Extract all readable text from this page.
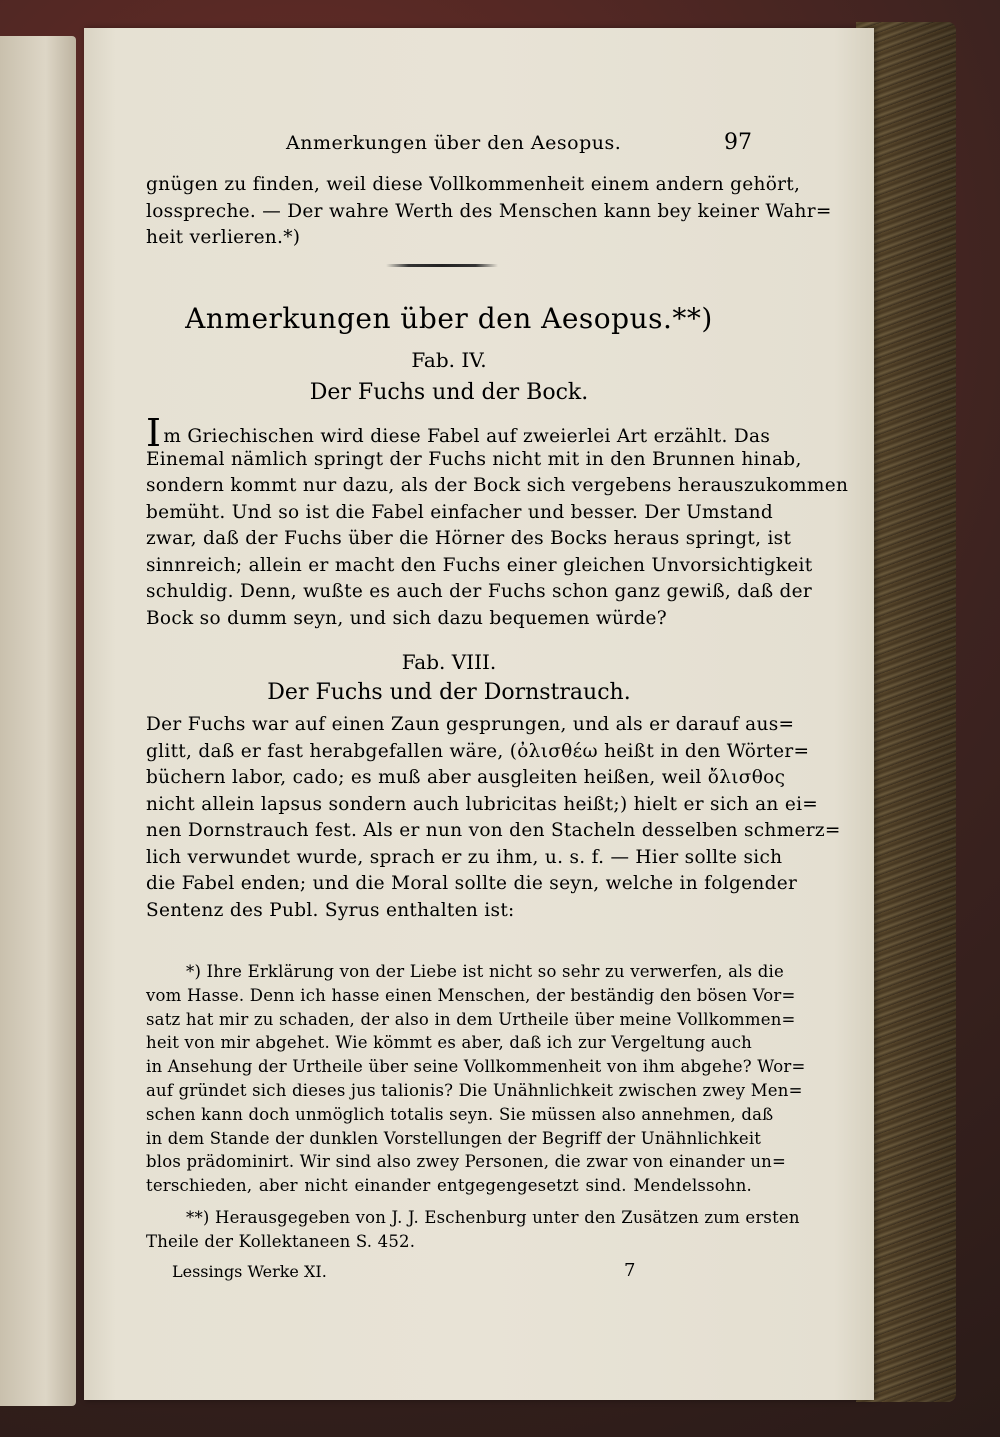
Anmerkungen über den Aesopus.	97
gnügen zu finden, weil diese Vollkommenheit einem andern gehört,
losspreche. — Der wahre Werth des Menschen kann bey keiner Wahr=
heit verlieren.*)
Anmerkungen über den Aesopus.**)
Fab. IV.
Der Fuchs und der Bock.
Im Griechischen wird diese Fabel auf zweierlei Art erzählt. Das
Einemal nämlich springt der Fuchs nicht mit in den Brunnen hinab,
sondern kommt nur dazu, als der Bock sich vergebens herauszukommen
bemüht. Und so ist die Fabel einfacher und besser. Der Umstand
zwar, daß der Fuchs über die Hörner des Bocks heraus springt, ist
sinnreich; allein er macht den Fuchs einer gleichen Unvorsichtigkeit
schuldig. Denn, wußte es auch der Fuchs schon ganz gewiß, daß der
Bock so dumm seyn, und sich dazu bequemen würde?
Fab. VIII.
Der Fuchs und der Dornstrauch.
Der Fuchs war auf einen Zaun gesprungen, und als er darauf aus=
glitt, daß er fast herabgefallen wäre, (ὀλισθέω heißt in den Wörter=
büchern labor, cado; es muß aber ausgleiten heißen, weil ὄλισθος
nicht allein lapsus sondern auch lubricitas heißt;) hielt er sich an ei=
nen Dornstrauch fest. Als er nun von den Stacheln desselben schmerz=
lich verwundet wurde, sprach er zu ihm, u. s. f. — Hier sollte sich
die Fabel enden; und die Moral sollte die seyn, welche in folgender
Sentenz des Publ. Syrus enthalten ist:
*) Ihre Erklärung von der Liebe ist nicht so sehr zu verwerfen, als die
vom Hasse. Denn ich hasse einen Menschen, der beständig den bösen Vor=
satz hat mir zu schaden, der also in dem Urtheile über meine Vollkommen=
heit von mir abgehet. Wie kömmt es aber, daß ich zur Vergeltung auch
in Ansehung der Urtheile über seine Vollkommenheit von ihm abgehe? Wor=
auf gründet sich dieses jus talionis? Die Unähnlichkeit zwischen zwey Men=
schen kann doch unmöglich totalis seyn. Sie müssen also annehmen, daß
in dem Stande der dunklen Vorstellungen der Begriff der Unähnlichkeit
blos prädominirt. Wir sind also zwey Personen, die zwar von einander un=
terschieden, aber nicht einander entgegengesetzt sind. Mendelssohn.
**) Herausgegeben von J. J. Eschenburg unter den Zusätzen zum ersten
Theile der Kollektaneen S. 452.
Lessings Werke XI.	7
